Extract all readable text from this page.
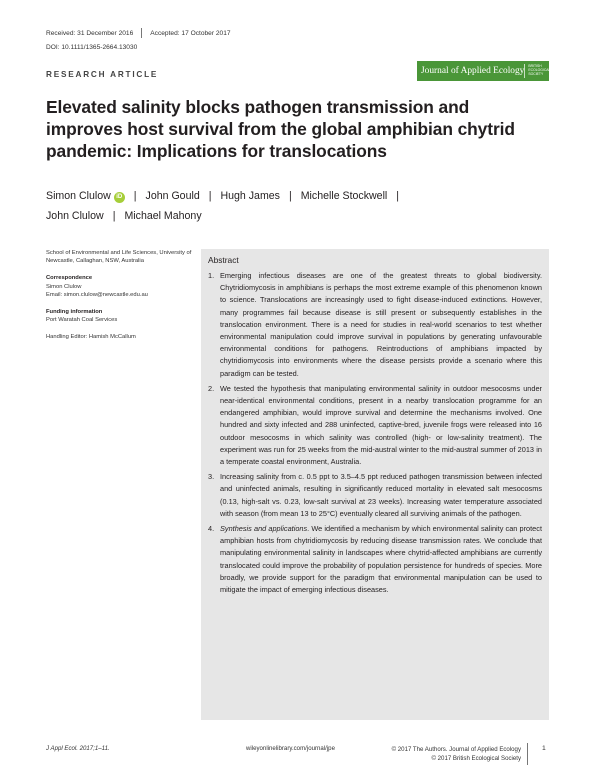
Received: 31 December 2016	Accepted: 17 October 2017
DOI: 10.1111/1365-2664.13030
RESEARCH ARTICLE	Journal of Applied Ecology	BRITISH ECOLOGICAL SOCIETY
Elevated salinity blocks pathogen transmission and improves host survival from the global amphibian chytrid pandemic: Implications for translocations
Simon Clulow iD | John Gould | Hugh James | Michelle Stockwell |
John Clulow | Michael Mahony
School of Environmental and Life Sciences, University of Newcastle, Callaghan, NSW, Australia
Correspondence
Simon Clulow
Email: simon.clulow@newcastle.edu.au
Funding information
Port Waratah Coal Services
Handling Editor: Hamish McCallum
Abstract
1. Emerging infectious diseases are one of the greatest threats to global biodiversity. Chytridiomycosis in amphibians is perhaps the most extreme example of this phenomenon known to science. Translocations are increasingly used to fight disease-induced extinctions. However, many programmes fail because disease is still present or subsequently establishes in the translocation environment. There is a need for studies in real-world scenarios to test whether environmental manipulation could improve survival in populations by generating unfavourable environmental conditions for pathogens. Reintroductions of amphibians impacted by chytridiomycosis into environments where the disease persists provide a scenario where this paradigm can be tested.
2. We tested the hypothesis that manipulating environmental salinity in outdoor mesocosms under near-identical environmental conditions, present in a nearby translocation programme for an endangered amphibian, would improve survival and determine the mechanisms involved. One hundred and sixty infected and 288 uninfected, captive-bred, juvenile frogs were released into 16 outdoor mesocosms in which salinity was controlled (high- or low-salinity treatment). The experiment was run for 25 weeks from the mid-austral winter to the mid-austral summer of 2013 in a temperate coastal environment, Australia.
3. Increasing salinity from c. 0.5 ppt to 3.5–4.5 ppt reduced pathogen transmission between infected and uninfected animals, resulting in significantly reduced mortality in elevated salt mesocosms (0.13, high-salt vs. 0.23, low-salt survival at 23 weeks). Increasing water temperature associated with season (from mean 13 to 25°C) eventually cleared all surviving animals of the pathogen.
4. Synthesis and applications. We identified a mechanism by which environmental salinity can protect amphibian hosts from chytridiomycosis by reducing disease transmission rates. We conclude that manipulating environmental salinity in landscapes where chytrid-affected amphibians are currently translocated could improve the probability of population persistence for hundreds of species. More broadly, we provide support for the paradigm that environmental manipulation can be used to mitigate the impact of emerging infectious diseases.
J Appl Ecol. 2017;1–11.	wileyonlinelibrary.com/journal/jpe	© 2017 The Authors. Journal of Applied Ecology
© 2017 British Ecological Society
1
